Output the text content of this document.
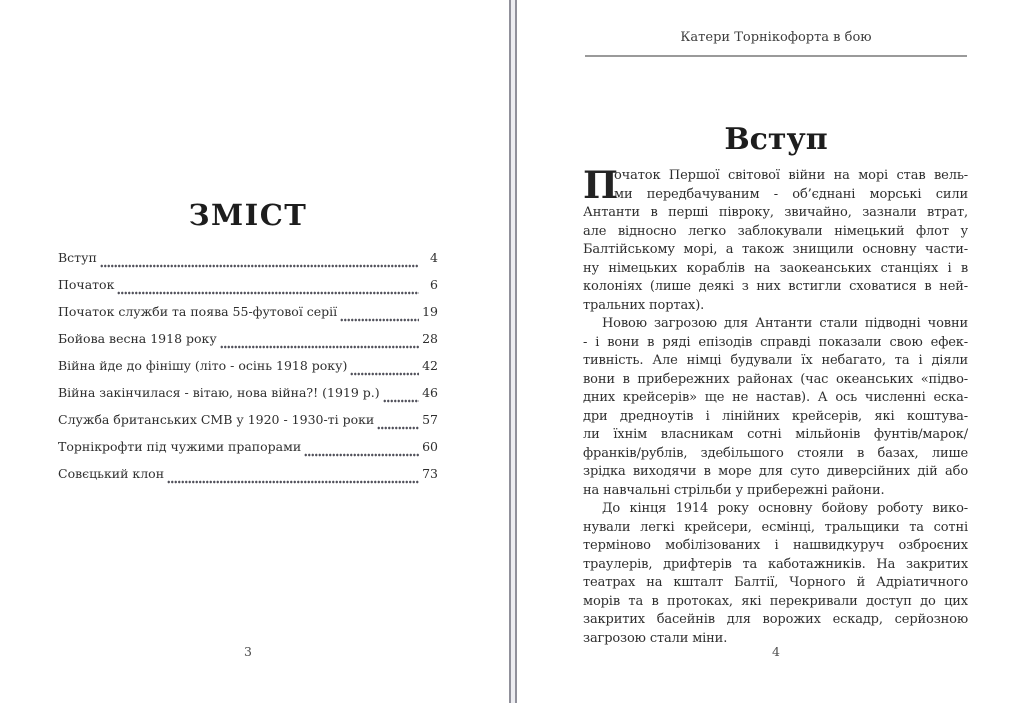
ЗМІСТ
Вступ	4
Початок	6
Початок служби та поява 55-футової серії	19
Бойова весна 1918 року	28
Війна йде до фінішу (літо - осінь 1918 року)	42
Війна закінчилася - вітаю, нова війна?! (1919 р.)	46
Служба британських СМВ у 1920 - 1930-ті роки	57
Торнікрофти під чужими прапорами	60
Совєцький клон	73
3
Катери Торнікофорта в бою
Вступ
П
очаток Першої світової війни на морі став вель-
ми передбачуваним - об’єднані морські сили
Антанти в перші півроку, звичайно, зазнали втрат,
але відносно легко заблокували німецький флот у
Балтійському морі, а також знищили основну части-
ну німецьких кораблів на заокеанських станціях і в
колоніях (лише деякі з них встигли сховатися в ней-
тральних портах).
Новою загрозою для Антанти стали підводні човни
- і вони в ряді епізодів справді показали свою ефек-
тивність. Але німці будували їх небагато, та і діяли
вони в прибережних районах (час океанських «підво-
дних крейсерів» ще не настав). А ось численні еска-
дри дредноутів і лінійних крейсерів, які коштува-
ли їхнім власникам сотні мільйонів фунтів/марок/
франків/рублів, здебільшого стояли в базах, лише
зрідка виходячи в море для суто диверсійних дій або
на навчальні стрільби у прибережні райони.
До кінця 1914 року основну бойову роботу вико-
нували легкі крейсери, есмінці, тральщики та сотні
терміново мобілізованих і нашвидкуруч озброєних
траулерів, дрифтерів та каботажників. На закритих
театрах на кшталт Балтії, Чорного й Адріатичного
морів та в протоках, які перекривали доступ до цих
закритих басейнів для ворожих ескадр, серйозною
загрозою стали міни.
4
